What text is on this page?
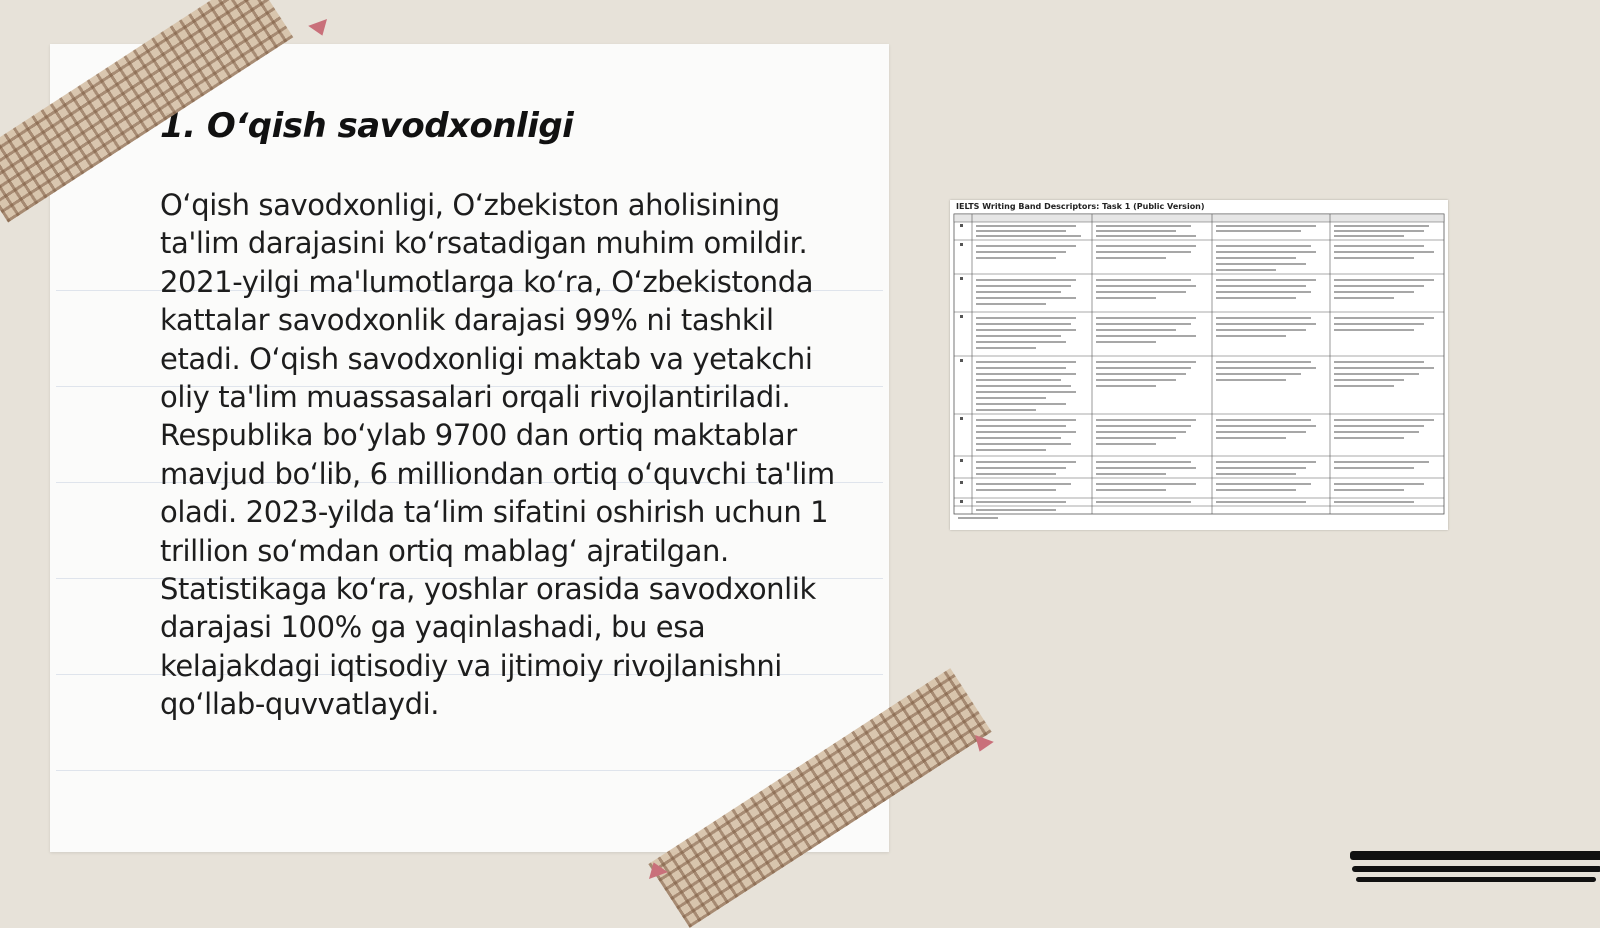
1. O‘qish savodxonligi

O‘qish savodxonligi, O‘zbekiston aholisining ta'lim darajasini ko‘rsatadigan muhim omildir. 2021-yilgi ma'lumotlarga ko‘ra, O‘zbekistonda kattalar savodxonlik darajasi 99% ni tashkil etadi. O‘qish savodxonligi maktab va yetakchi oliy ta'lim muassasalari orqali rivojlantiriladi. Respublika bo‘ylab 9700 dan ortiq maktablar mavjud bo‘lib, 6 milliondan ortiq o‘quvchi ta'lim oladi. 2023-yilda ta‘lim sifatini oshirish uchun 1 trillion so‘mdan ortiq mablag‘ ajratilgan. Statistikaga ko‘ra, yoshlar orasida savodxonlik darajasi 100% ga yaqinlashadi, bu esa kelajakdagi iqtisodiy va ijtimoiy rivojlanishni qo‘llab-quvvatlaydi.

IELTS Writing Band Descriptors: Task 1 (Public Version)
